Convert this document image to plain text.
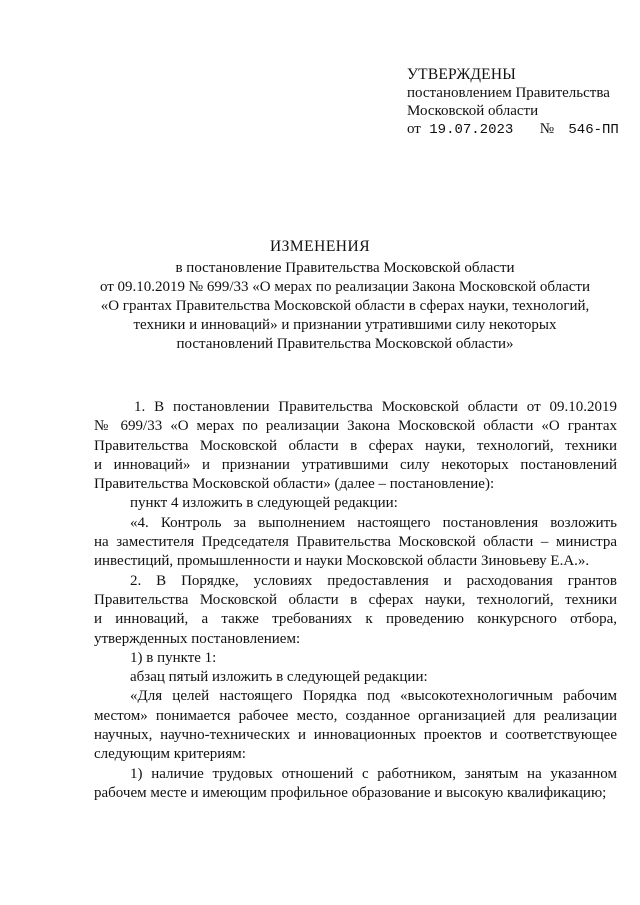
УТВЕРЖДЕНЫ
постановлением Правительства
Московской области
от 19.07.2023 № 546-ПП
ИЗМЕНЕНИЯ
в постановление Правительства Московской области
от 09.10.2019 № 699/33 «О мерах по реализации Закона Московской области
«О грантах Правительства Московской области в сферах науки, технологий,
техники и инноваций» и признании утратившими силу некоторых
постановлений Правительства Московской области»
1. В постановлении Правительства Московской области от 09.10.2019
№ 699/33 «О мерах по реализации Закона Московской области «О грантах
Правительства Московской области в сферах науки, технологий, техники
и инноваций» и признании утратившими силу некоторых постановлений
Правительства Московской области» (далее – постановление):
пункт 4 изложить в следующей редакции:
«4. Контроль за выполнением настоящего постановления возложить
на заместителя Председателя Правительства Московской области – министра
инвестиций, промышленности и науки Московской области Зиновьеву Е.А.».
2. В Порядке, условиях предоставления и расходования грантов
Правительства Московской области в сферах науки, технологий, техники
и инноваций, а также требованиях к проведению конкурсного отбора,
утвержденных постановлением:
1) в пункте 1:
абзац пятый изложить в следующей редакции:
«Для целей настоящего Порядка под «высокотехнологичным рабочим
местом» понимается рабочее место, созданное организацией для реализации
научных, научно-технических и инновационных проектов и соответствующее
следующим критериям:
1) наличие трудовых отношений с работником, занятым на указанном
рабочем месте и имеющим профильное образование и высокую квалификацию;
